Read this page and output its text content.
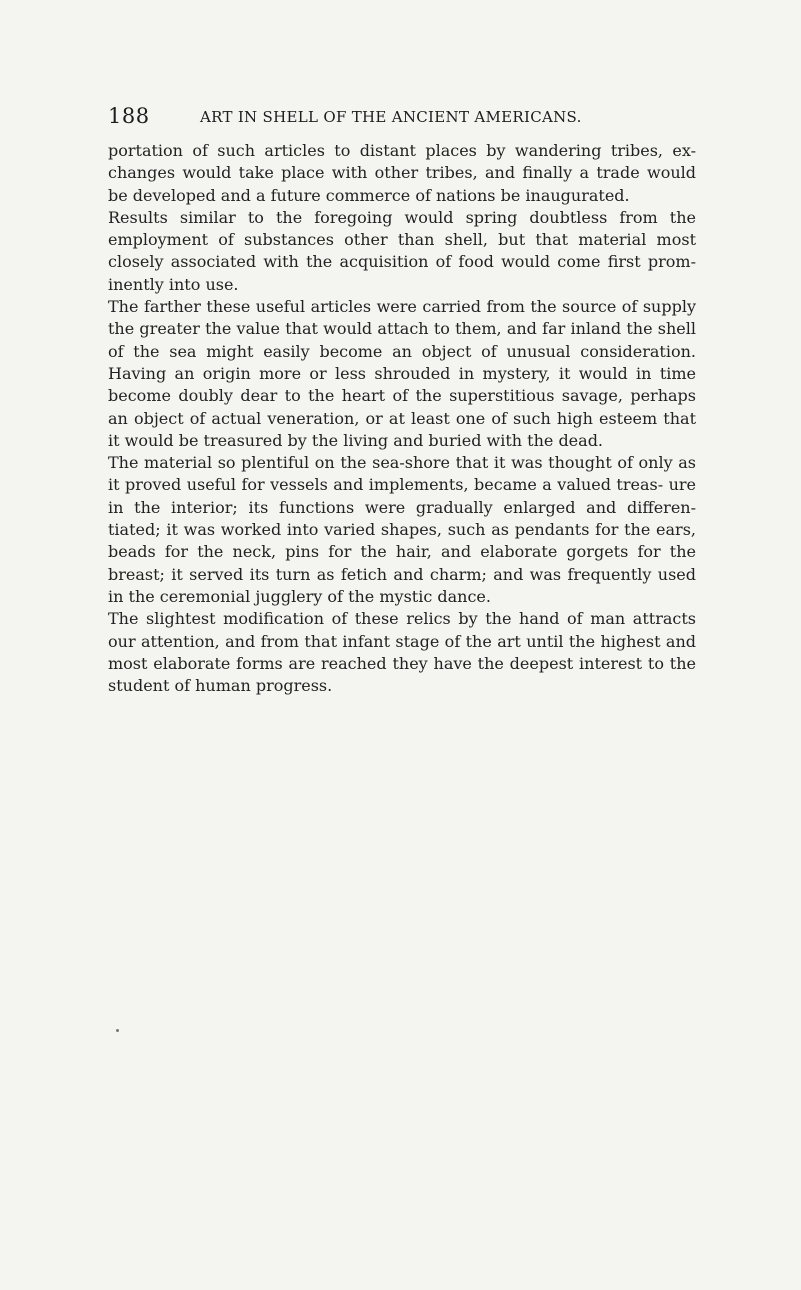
188	ART IN SHELL OF THE ANCIENT AMERICANS.

portation of such articles to distant places by wandering tribes, ex- changes would take place with other tribes, and finally a trade would be developed and a future commerce of nations be inaugurated.

Results similar to the foregoing would spring doubtless from the employment of substances other than shell, but that material most closely associated with the acquisition of food would come first prom- inently into use.

The farther these useful articles were carried from the source of supply the greater the value that would attach to them, and far inland the shell of the sea might easily become an object of unusual consideration. Having an origin more or less shrouded in mystery, it would in time become doubly dear to the heart of the superstitious savage, perhaps an object of actual veneration, or at least one of such high esteem that it would be treasured by the living and buried with the dead.

The material so plentiful on the sea-shore that it was thought of only as it proved useful for vessels and implements, became a valued treas- ure in the interior; its functions were gradually enlarged and differen- tiated; it was worked into varied shapes, such as pendants for the ears, beads for the neck, pins for the hair, and elaborate gorgets for the breast; it served its turn as fetich and charm; and was frequently used in the ceremonial jugglery of the mystic dance.

The slightest modification of these relics by the hand of man attracts our attention, and from that infant stage of the art until the highest and most elaborate forms are reached they have the deepest interest to the student of human progress.
